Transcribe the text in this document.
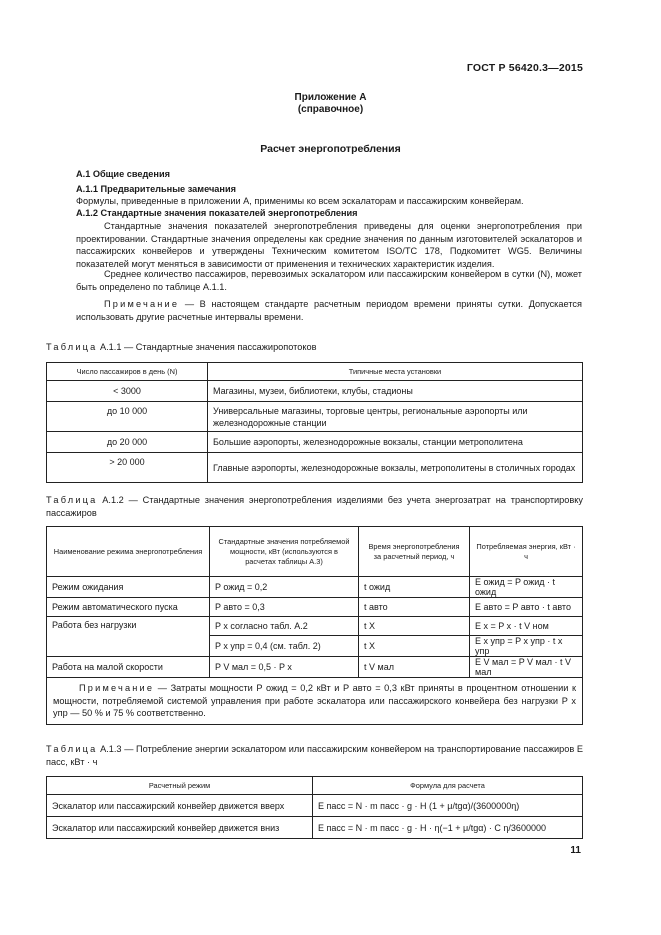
ГОСТ Р 56420.3—2015
Приложение А
(справочное)
Расчет энергопотребления
А.1 Общие сведения
А.1.1 Предварительные замечания
Формулы, приведенные в приложении А, применимы ко всем эскалаторам и пассажирским конвейерам.
А.1.2 Стандартные значения показателей энергопотребления
Стандартные значения показателей энергопотребления приведены для оценки энергопотребления при проектировании. Стандартные значения определены как средние значения по данным изготовителей эскалаторов и пассажирских конвейеров и утверждены Техническим комитетом ISO/TC 178, Подкомитет WG5. Величины показателей могут меняться в зависимости от применения и технических характеристик изделия.
Среднее количество пассажиров, перевозимых эскалатором или пассажирским конвейером в сутки (N), может быть определено по таблице А.1.1.
Примечание — В настоящем стандарте расчетным периодом времени приняты сутки. Допускается использовать другие расчетные интервалы времени.
Таблица А.1.1 — Стандартные значения пассажиропотоков
Число пассажиров в день (N)	Типичные места установки
< 3000	Магазины, музеи, библиотеки, клубы, стадионы
до 10 000	Универсальные магазины, торговые центры, региональные аэропорты или железнодорожные станции
до 20 000	Большие аэропорты, железнодорожные вокзалы, станции метрополитена
> 20 000	Главные аэропорты, железнодорожные вокзалы, метрополитены в столичных городах
Таблица А.1.2 — Стандартные значения энергопотребления изделиями без учета энергозатрат на транспортировку пассажиров
Наименование режима энергопотребления	Стандартные значения потребляемой мощности, кВт (используются в расчетах таблицы А.3)	Время энергопотребления за расчетный период, ч	Потребляемая энергия, кВт · ч
Режим ожидания	P ожид = 0,2	t ожид	E ожид = P ожид · t ожид
Режим автоматического пуска	P авто = 0,3	t авто	E авто = P авто · t авто
Работа без нагрузки	P x согласно табл. А.2	t X	E x = P x · t V ном
	P x упр = 0,4 (см. табл. 2)	t X	E x упр = P x упр · t x упр
Работа на малой скорости	P V мал = 0,5 · P x	t V мал	E V мал = P V мал · t V мал
Примечание — Затраты мощности P ожид = 0,2 кВт и P авто = 0,3 кВт приняты в процентном отношении к мощности, потребляемой системой управления при работе эскалатора или пассажирского конвейера без нагрузки P x упр — 50 % и 75 % соответственно.			
Таблица А.1.3 — Потребление энергии эскалатором или пассажирским конвейером на транспортирование пассажиров E пасс, кВт · ч
Расчетный режим	Формула для расчета
Эскалатор или пассажирский конвейер движется вверх	E пасс = N · m пасс · g · H (1 + μ/tgα)/(3600000η)
Эскалатор или пассажирский конвейер движется вниз	E пасс = N · m пасс · g · H · η(−1 + μ/tgα) · C η/3600000
11
